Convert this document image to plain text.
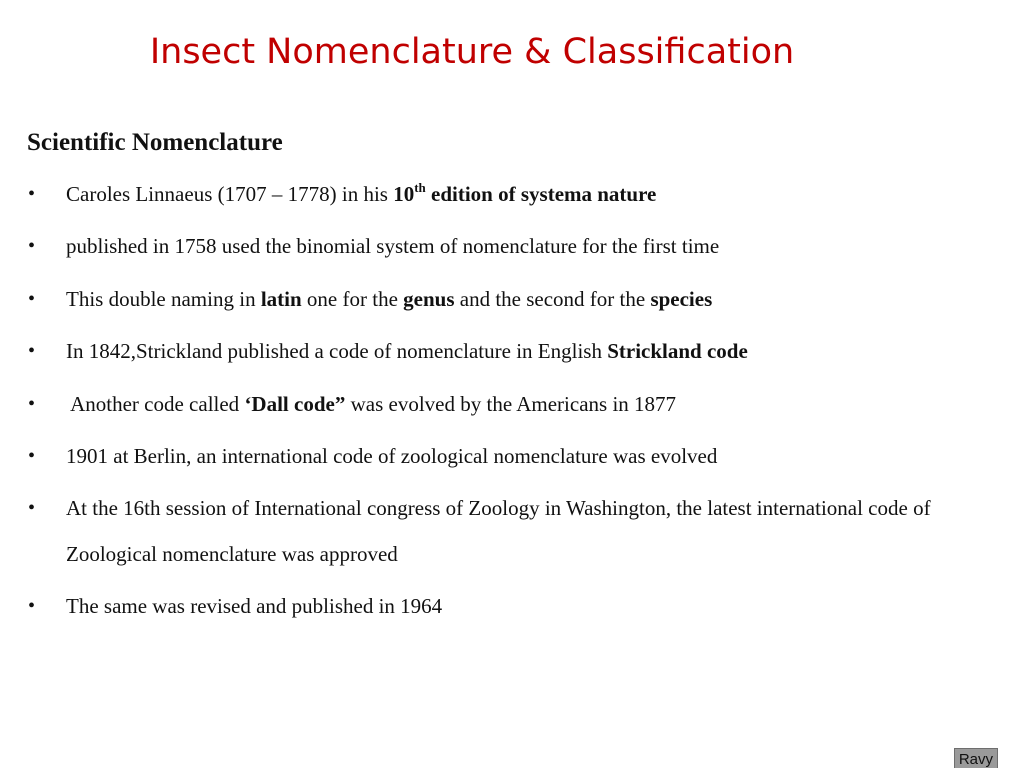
Insect Nomenclature & Classification
Scientific Nomenclature
•	Caroles Linnaeus (1707 – 1778) in his 10th edition of systema nature
•	published in 1758 used the binomial system of nomenclature for the first time
•	This double naming in latin one for the genus and the second for the species
•	In 1842,Strickland published a code of nomenclature in English Strickland code
•	Another code called ‘Dall code” was evolved by the Americans in 1877
•	1901 at Berlin, an international code of zoological nomenclature was evolved
•	At the 16th session of International congress of Zoology in Washington, the latest international code of Zoological nomenclature was approved
•	The same was revised and published in 1964
Ravy
